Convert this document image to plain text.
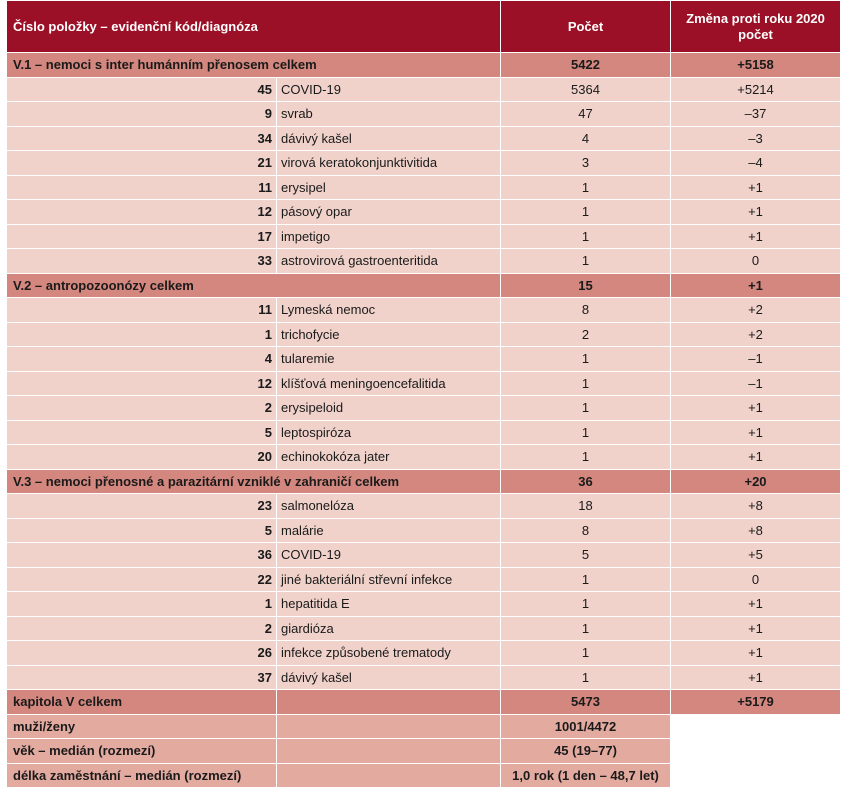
Číslo položky – evidenční kód/diagnóza		Počet	Změna proti roku 2020 počet
V.1 – nemoci s inter humánním přenosem celkem		5422	+5158
45	COVID-19	5364	+5214
9	svrab	47	–37
34	dávivý kašel	4	–3
21	virová keratokonjunktivitida	3	–4
11	erysipel	1	+1
12	pásový opar	1	+1
17	impetigo	1	+1
33	astrovirová gastroenteritida	1	0
V.2 – antropozoonózy celkem		15	+1
11	Lymeská nemoc	8	+2
1	trichofycie	2	+2
4	tularemie	1	–1
12	klíšťová meningoencefalitida	1	–1
2	erysipeloid	1	+1
5	leptospiróza	1	+1
20	echinokokóza jater	1	+1
V.3 – nemoci přenosné a parazitární vzniklé v zahraničí celkem		36	+20
23	salmonelóza	18	+8
5	malárie	8	+8
36	COVID-19	5	+5
22	jiné bakteriální střevní infekce	1	0
1	hepatitida E	1	+1
2	giardióza	1	+1
26	infekce způsobené trematody	1	+1
37	dávivý kašel	1	+1
kapitola V celkem		5473	+5179
muži/ženy		1001/4472	
věk – medián (rozmezí)		45 (19–77)	
délka zaměstnání – medián (rozmezí)		1,0 rok (1 den – 48,7 let)	
